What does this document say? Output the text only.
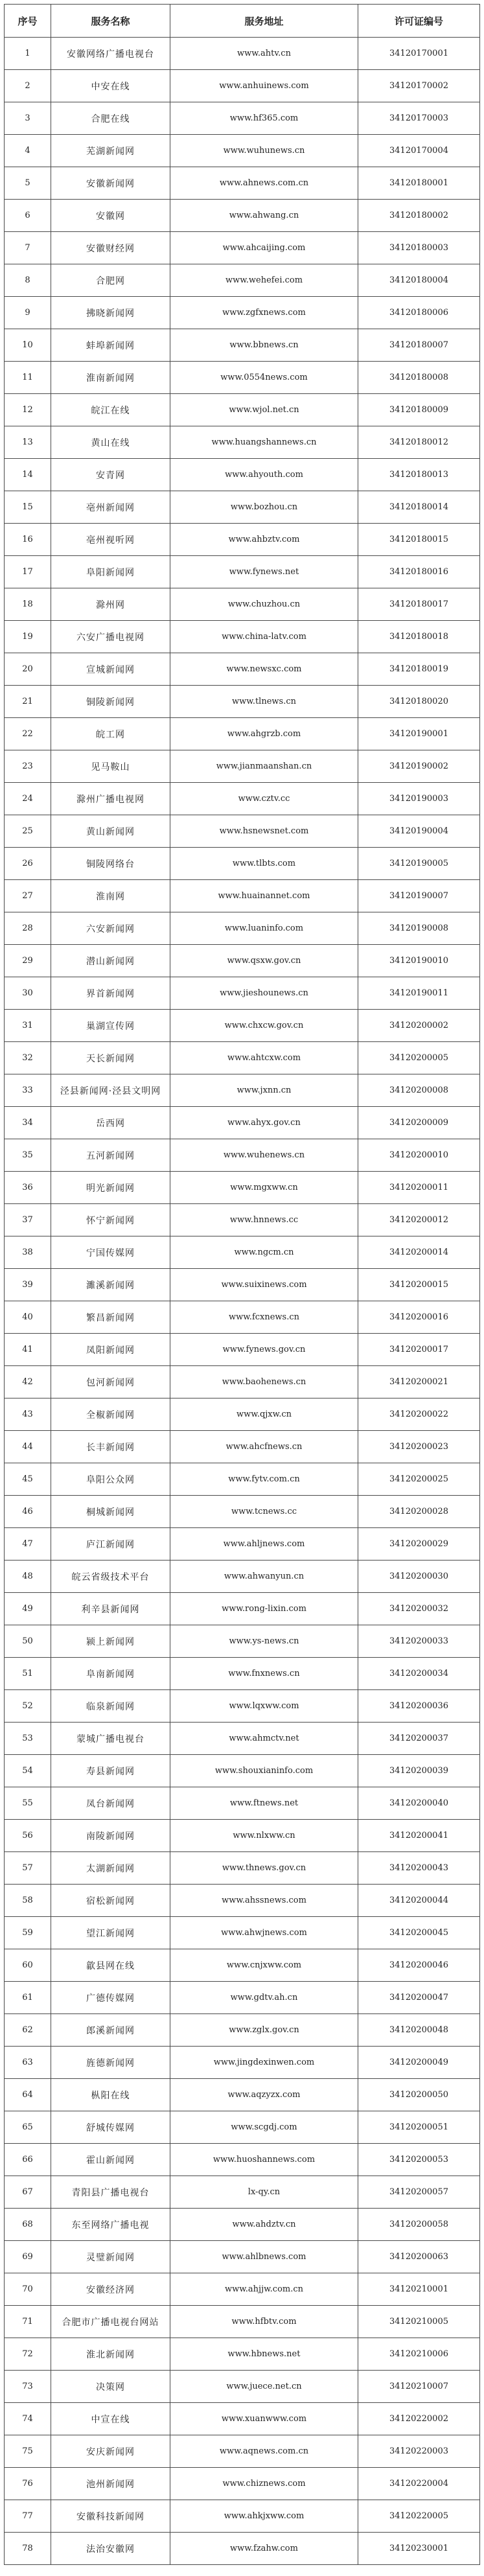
序号	服务名称	服务地址	许可证编号
1	安徽网络广播电视台	www.ahtv.cn	34120170001
2	中安在线	www.anhuinews.com	34120170002
3	合肥在线	www.hf365.com	34120170003
4	芜湖新闻网	www.wuhunews.cn	34120170004
5	安徽新闻网	www.ahnews.com.cn	34120180001
6	安徽网	www.ahwang.cn	34120180002
7	安徽财经网	www.ahcaijing.com	34120180003
8	合肥网	www.wehefei.com	34120180004
9	拂晓新闻网	www.zgfxnews.com	34120180006
10	蚌埠新闻网	www.bbnews.cn	34120180007
11	淮南新闻网	www.0554news.com	34120180008
12	皖江在线	www.wjol.net.cn	34120180009
13	黄山在线	www.huangshannews.cn	34120180012
14	安青网	www.ahyouth.com	34120180013
15	亳州新闻网	www.bozhou.cn	34120180014
16	亳州视听网	www.ahbztv.com	34120180015
17	阜阳新闻网	www.fynews.net	34120180016
18	滁州网	www.chuzhou.cn	34120180017
19	六安广播电视网	www.china-latv.com	34120180018
20	宣城新闻网	www.newsxc.com	34120180019
21	铜陵新闻网	www.tlnews.cn	34120180020
22	皖工网	www.ahgrzb.com	34120190001
23	见马鞍山	www.jianmaanshan.cn	34120190002
24	滁州广播电视网	www.cztv.cc	34120190003
25	黄山新闻网	www.hsnewsnet.com	34120190004
26	铜陵网络台	www.tlbts.com	34120190005
27	淮南网	www.huainannet.com	34120190007
28	六安新闻网	www.luaninfo.com	34120190008
29	潜山新闻网	www.qsxw.gov.cn	34120190010
30	界首新闻网	www.jieshounews.cn	34120190011
31	巢湖宣传网	www.chxcw.gov.cn	34120200002
32	天长新闻网	www.ahtcxw.com	34120200005
33	泾县新闻网·泾县文明网	www.jxnn.cn	34120200008
34	岳西网	www.ahyx.gov.cn	34120200009
35	五河新闻网	www.wuhenews.cn	34120200010
36	明光新闻网	www.mgxww.cn	34120200011
37	怀宁新闻网	www.hnnews.cc	34120200012
38	宁国传媒网	www.ngcm.cn	34120200014
39	濉溪新闻网	www.suixinews.com	34120200015
40	繁昌新闻网	www.fcxnews.cn	34120200016
41	凤阳新闻网	www.fynews.gov.cn	34120200017
42	包河新闻网	www.baohenews.cn	34120200021
43	全椒新闻网	www.qjxw.cn	34120200022
44	长丰新闻网	www.ahcfnews.cn	34120200023
45	阜阳公众网	www.fytv.com.cn	34120200025
46	桐城新闻网	www.tcnews.cc	34120200028
47	庐江新闻网	www.ahljnews.com	34120200029
48	皖云省级技术平台	www.ahwanyun.cn	34120200030
49	利辛县新闻网	www.rong-lixin.com	34120200032
50	颍上新闻网	www.ys-news.cn	34120200033
51	阜南新闻网	www.fnxnews.cn	34120200034
52	临泉新闻网	www.lqxww.com	34120200036
53	蒙城广播电视台	www.ahmctv.net	34120200037
54	寿县新闻网	www.shouxianinfo.com	34120200039
55	凤台新闻网	www.ftnews.net	34120200040
56	南陵新闻网	www.nlxww.cn	34120200041
57	太湖新闻网	www.thnews.gov.cn	34120200043
58	宿松新闻网	www.ahssnews.com	34120200044
59	望江新闻网	www.ahwjnews.com	34120200045
60	歙县网在线	www.cnjxww.com	34120200046
61	广德传媒网	www.gdtv.ah.cn	34120200047
62	郎溪新闻网	www.zglx.gov.cn	34120200048
63	旌德新闻网	www.jingdexinwen.com	34120200049
64	枞阳在线	www.aqzyzx.com	34120200050
65	舒城传媒网	www.scgdj.com	34120200051
66	霍山新闻网	www.huoshannews.com	34120200053
67	青阳县广播电视台	lx-qy.cn	34120200057
68	东至网络广播电视	www.ahdztv.cn	34120200058
69	灵璧新闻网	www.ahlbnews.com	34120200063
70	安徽经济网	www.ahjjw.com.cn	34120210001
71	合肥市广播电视台网站	www.hfbtv.com	34120210005
72	淮北新闻网	www.hbnews.net	34120210006
73	决策网	www.juece.net.cn	34120210007
74	中宣在线	www.xuanwww.com	34120220002
75	安庆新闻网	www.aqnews.com.cn	34120220003
76	池州新闻网	www.chiznews.com	34120220004
77	安徽科技新闻网	www.ahkjxww.com	34120220005
78	法治安徽网	www.fzahw.com	34120230001
